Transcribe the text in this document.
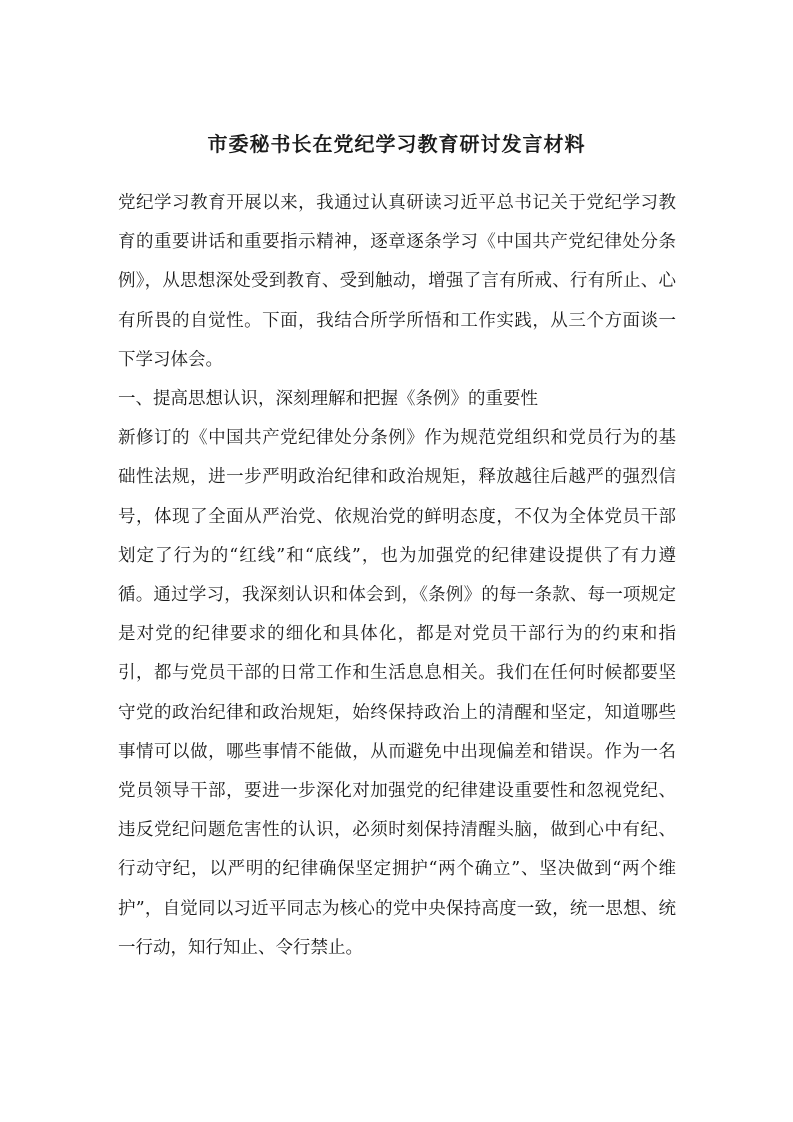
市委秘书长在党纪学习教育研讨发言材料

党纪学习教育开展以来，我通过认真研读习近平总书记关于党纪学习教育的重要讲话和重要指示精神，逐章逐条学习《中国共产党纪律处分条例》，从思想深处受到教育、受到触动，增强了言有所戒、行有所止、心有所畏的自觉性。下面，我结合所学所悟和工作实践，从三个方面谈一下学习体会。

一、提高思想认识，深刻理解和把握《条例》的重要性

新修订的《中国共产党纪律处分条例》作为规范党组织和党员行为的基础性法规，进一步严明政治纪律和政治规矩，释放越往后越严的强烈信号，体现了全面从严治党、依规治党的鲜明态度，不仅为全体党员干部划定了行为的“红线”和“底线”，也为加强党的纪律建设提供了有力遵循。通过学习，我深刻认识和体会到，《条例》的每一条款、每一项规定是对党的纪律要求的细化和具体化，都是对党员干部行为的约束和指引，都与党员干部的日常工作和生活息息相关。我们在任何时候都要坚守党的政治纪律和政治规矩，始终保持政治上的清醒和坚定，知道哪些事情可以做，哪些事情不能做，从而避免中出现偏差和错误。作为一名党员领导干部，要进一步深化对加强党的纪律建设重要性和忽视党纪、违反党纪问题危害性的认识，必须时刻保持清醒头脑，做到心中有纪、行动守纪，以严明的纪律确保坚定拥护“两个确立”、坚决做到“两个维护”，自觉同以习近平同志为核心的党中央保持高度一致，统一思想、统一行动，知行知止、令行禁止。
